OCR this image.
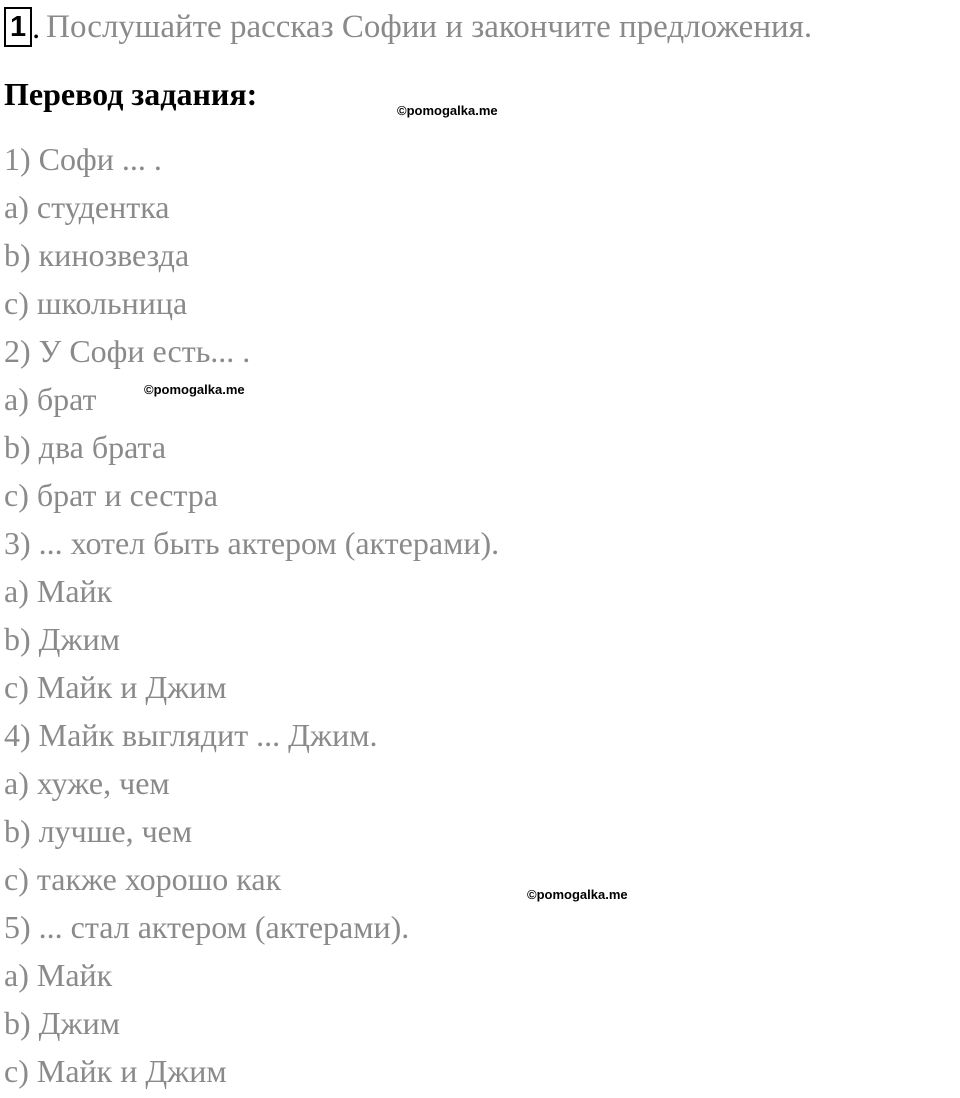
1 . Послушайте рассказ Софии и закончите предложения.
Перевод задания:	©pomogalka.me
©pomogalka.me
©pomogalka.me
1) Софи ... .
a) студентка
b) кинозвезда
c) школьница
2) У Софи есть... .
a) брат
b) два брата
c) брат и сестра
3) ... хотел быть актером (актерами).
a) Майк
b) Джим
c) Майк и Джим
4) Майк выглядит ... Джим.
a) хуже, чем
b) лучше, чем
c) также хорошо как
5) ... стал актером (актерами).
a) Майк
b) Джим
c) Майк и Джим
